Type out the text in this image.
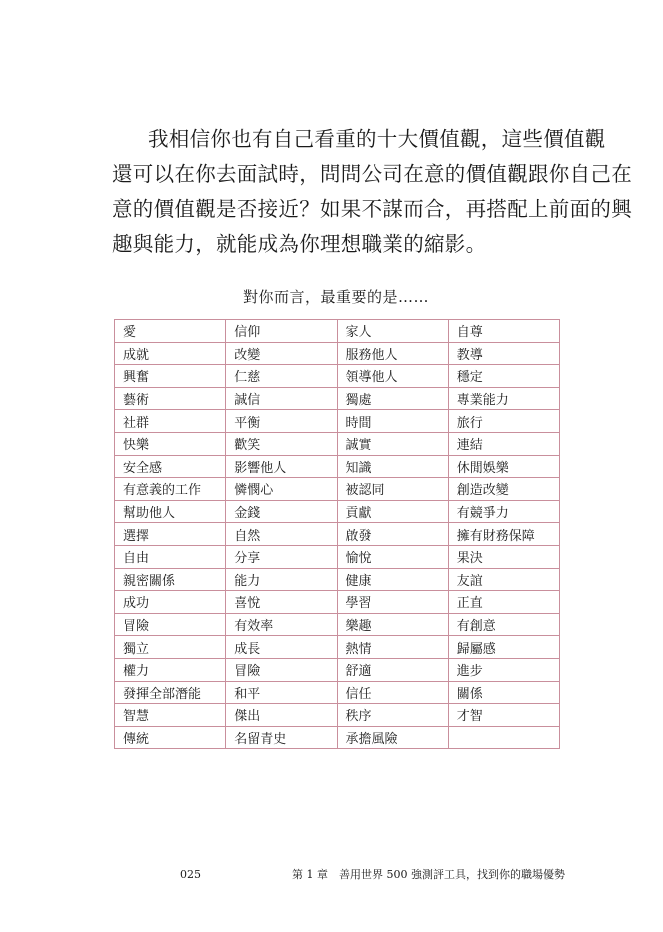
我相信你也有自己看重的十大價值觀，這些價值觀
還可以在你去面試時，問問公司在意的價值觀跟你自己在
意的價值觀是否接近？如果不謀而合，再搭配上前面的興
趣與能力，就能成為你理想職業的縮影。
對你而言，最重要的是……
愛	信仰	家人	自尊
成就	改變	服務他人	教導
興奮	仁慈	領導他人	穩定
藝術	誠信	獨處	專業能力
社群	平衡	時間	旅行
快樂	歡笑	誠實	連結
安全感	影響他人	知識	休閒娛樂
有意義的工作	憐憫心	被認同	創造改變
幫助他人	金錢	貢獻	有競爭力
選擇	自然	啟發	擁有財務保障
自由	分享	愉悅	果決
親密關係	能力	健康	友誼
成功	喜悅	學習	正直
冒險	有效率	樂趣	有創意
獨立	成長	熱情	歸屬感
權力	冒險	舒適	進步
發揮全部潛能	和平	信任	關係
智慧	傑出	秩序	才智
傳統	名留青史	承擔風險	
025	第 1 章　善用世界 500 強測評工具，找到你的職場優勢
